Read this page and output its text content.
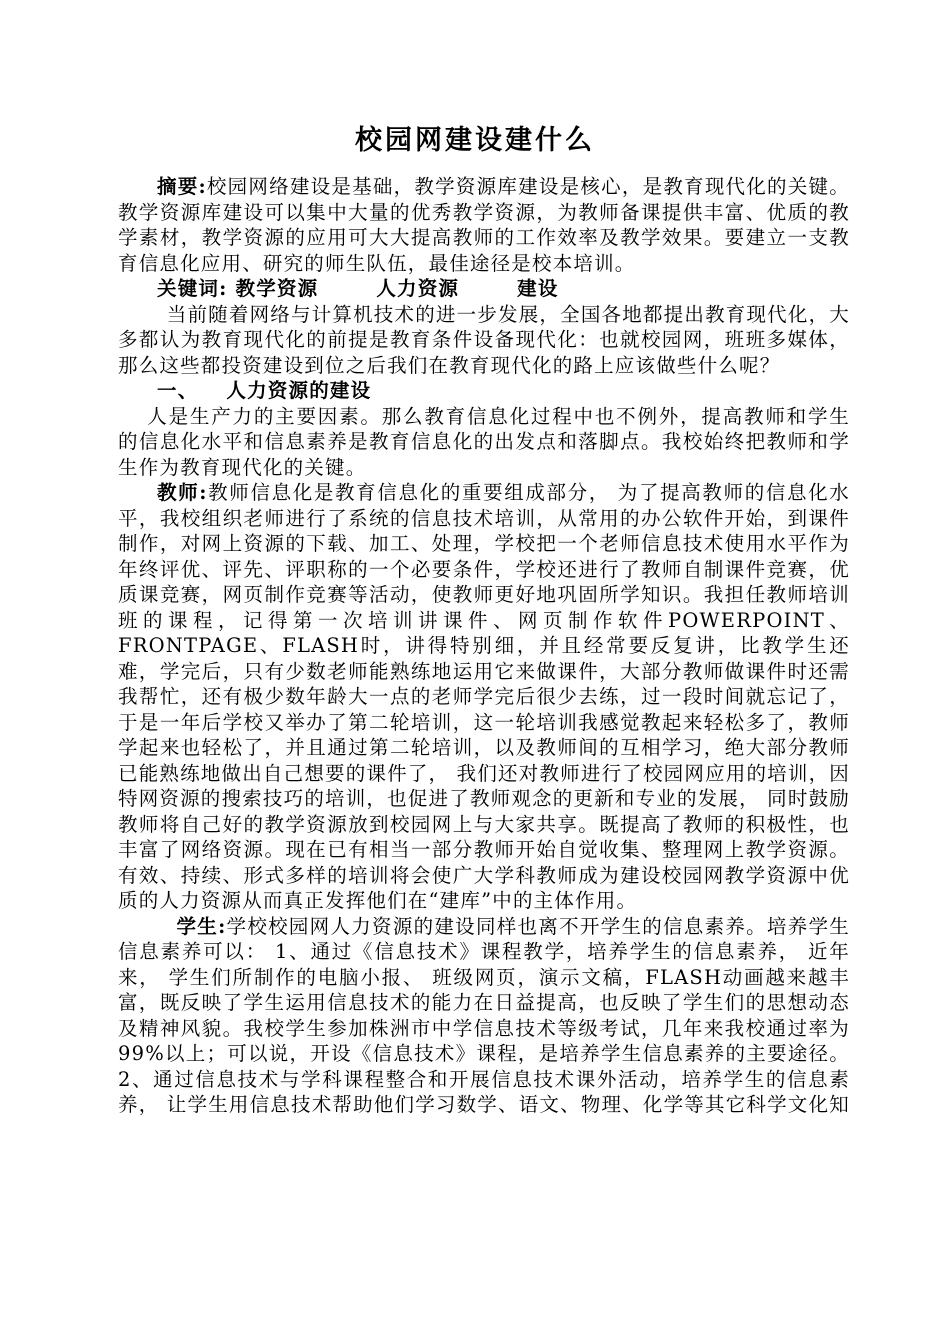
校园网建设建什么

摘要:校园网络建设是基础，教学资源库建设是核心，是教育现代化的关键。教学资源库建设可以集中大量的优秀教学资源，为教师备课提供丰富、优质的教学素材，教学资源的应用可大大提高教师的工作效率及教学效果。要建立一支教育信息化应用、研究的师生队伍，最佳途径是校本培训。

关键词: 教学资源	人力资源	建设

当前随着网络与计算机技术的进一步发展，全国各地都提出教育现代化，大多都认为教育现代化的前提是教育条件设备现代化：也就校园网，班班多媒体，那么这些都投资建设到位之后我们在教育现代化的路上应该做些什么呢？

一、 人力资源的建设

人是生产力的主要因素。那么教育信息化过程中也不例外，提高教师和学生的信息化水平和信息素养是教育信息化的出发点和落脚点。我校始终把教师和学生作为教育现代化的关键。

教师:教师信息化是教育信息化的重要组成部分， 为了提高教师的信息化水平，我校组织老师进行了系统的信息技术培训，从常用的办公软件开始，到课件制作，对网上资源的下载、加工、处理，学校把一个老师信息技术使用水平作为年终评优、评先、评职称的一个必要条件，学校还进行了教师自制课件竞赛，优质课竞赛，网页制作竞赛等活动，使教师更好地巩固所学知识。我担任教师培训班的课程，记得第一次培训讲课件、网页制作软件POWERPOINT、FRONTPAGE、FLASH时，讲得特别细，并且经常要反复讲，比教学生还难，学完后，只有少数老师能熟练地运用它来做课件，大部分教师做课件时还需我帮忙，还有极少数年龄大一点的老师学完后很少去练，过一段时间就忘记了，于是一年后学校又举办了第二轮培训，这一轮培训我感觉教起来轻松多了，教师学起来也轻松了，并且通过第二轮培训，以及教师间的互相学习，绝大部分教师已能熟练地做出自己想要的课件了， 我们还对教师进行了校园网应用的培训，因特网资源的搜索技巧的培训，也促进了教师观念的更新和专业的发展， 同时鼓励教师将自己好的教学资源放到校园网上与大家共享。既提高了教师的积极性，也丰富了网络资源。现在已有相当一部分教师开始自觉收集、整理网上教学资源。有效、持续、形式多样的培训将会使广大学科教师成为建设校园网教学资源中优质的人力资源从而真正发挥他们在“建库”中的主体作用。

学生:学校校园网人力资源的建设同样也离不开学生的信息素养。培养学生信息素养可以： 1、通过《信息技术》课程教学，培养学生的信息素养， 近年来， 学生们所制作的电脑小报、 班级网页，演示文稿，FLASH动画越来越丰富，既反映了学生运用信息技术的能力在日益提高，也反映了学生们的思想动态及精神风貌。我校学生参加株洲市中学信息技术等级考试，几年来我校通过率为99%以上；可以说，开设《信息技术》课程，是培养学生信息素养的主要途径。 2、通过信息技术与学科课程整合和开展信息技术课外活动，培养学生的信息素养， 让学生用信息技术帮助他们学习数学、语文、物理、化学等其它科学文化知
